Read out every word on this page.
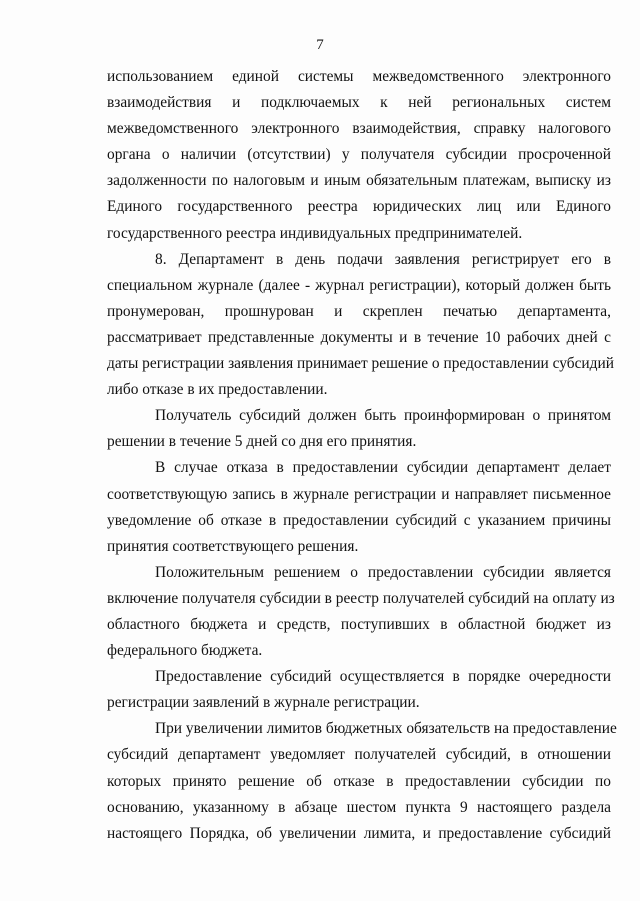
7

использованием единой системы межведомственного электронного
взаимодействия и подключаемых к ней региональных систем
межведомственного электронного взаимодействия, справку налогового
органа о наличии (отсутствии) у получателя субсидии просроченной
задолженности по налоговым и иным обязательным платежам, выписку из
Единого государственного реестра юридических лиц или Единого
государственного реестра индивидуальных предпринимателей.

8. Департамент в день подачи заявления регистрирует его в
специальном журнале (далее - журнал регистрации), который должен быть
пронумерован, прошнурован и скреплен печатью департамента,
рассматривает представленные документы и в течение 10 рабочих дней с
даты регистрации заявления принимает решение о предоставлении субсидий
либо отказе в их предоставлении.

Получатель субсидий должен быть проинформирован о принятом
решении в течение 5 дней со дня его принятия.

В случае отказа в предоставлении субсидии департамент делает
соответствующую запись в журнале регистрации и направляет письменное
уведомление об отказе в предоставлении субсидий с указанием причины
принятия соответствующего решения.

Положительным решением о предоставлении субсидии является
включение получателя субсидии в реестр получателей субсидий на оплату из
областного бюджета и средств, поступивших в областной бюджет из
федерального бюджета.

Предоставление субсидий осуществляется в порядке очередности
регистрации заявлений в журнале регистрации.

При увеличении лимитов бюджетных обязательств на предоставление
субсидий департамент уведомляет получателей субсидий, в отношении
которых принято решение об отказе в предоставлении субсидии по
основанию, указанному в абзаце шестом пункта 9 настоящего раздела
настоящего Порядка, об увеличении лимита, и предоставление субсидий
